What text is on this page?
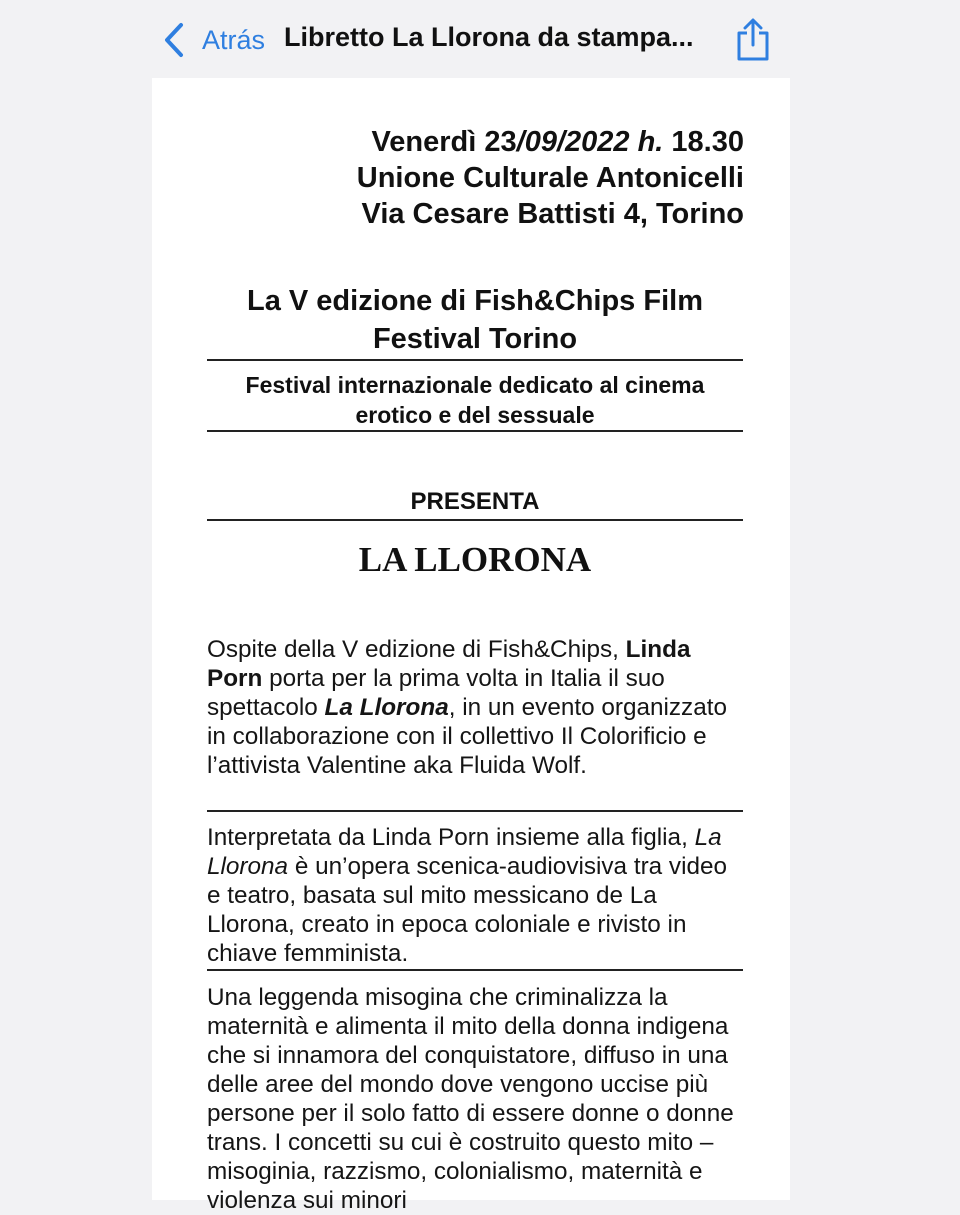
Atrás Libretto La Llorona da stampa...
Venerdì 23/09/2022 h. 18.30
Unione Culturale Antonicelli
Via Cesare Battisti 4, Torino
La V edizione di Fish&Chips Film
Festival Torino
Festival internazionale dedicato al cinema
erotico e del sessuale
PRESENTA
LA LLORONA
Ospite della V edizione di Fish&Chips, Linda Porn porta per la prima volta in Italia il suo spettacolo La Llorona, in un evento organizzato in collaborazione con il collettivo Il Colorificio e l’attivista Valentine aka Fluida Wolf.
Interpretata da Linda Porn insieme alla figlia, La Llorona è un’opera scenica-audiovisiva tra video e teatro, basata sul mito messicano de La Llorona, creato in epoca coloniale e rivisto in chiave femminista.
Una leggenda misogina che criminalizza la maternità e alimenta il mito della donna indigena che si innamora del conquistatore, diffuso in una delle aree del mondo dove vengono uccise più persone per il solo fatto di essere donne o donne trans. I concetti su cui è costruito questo mito – misoginia, razzismo, colonialismo, maternità e violenza sui minori
